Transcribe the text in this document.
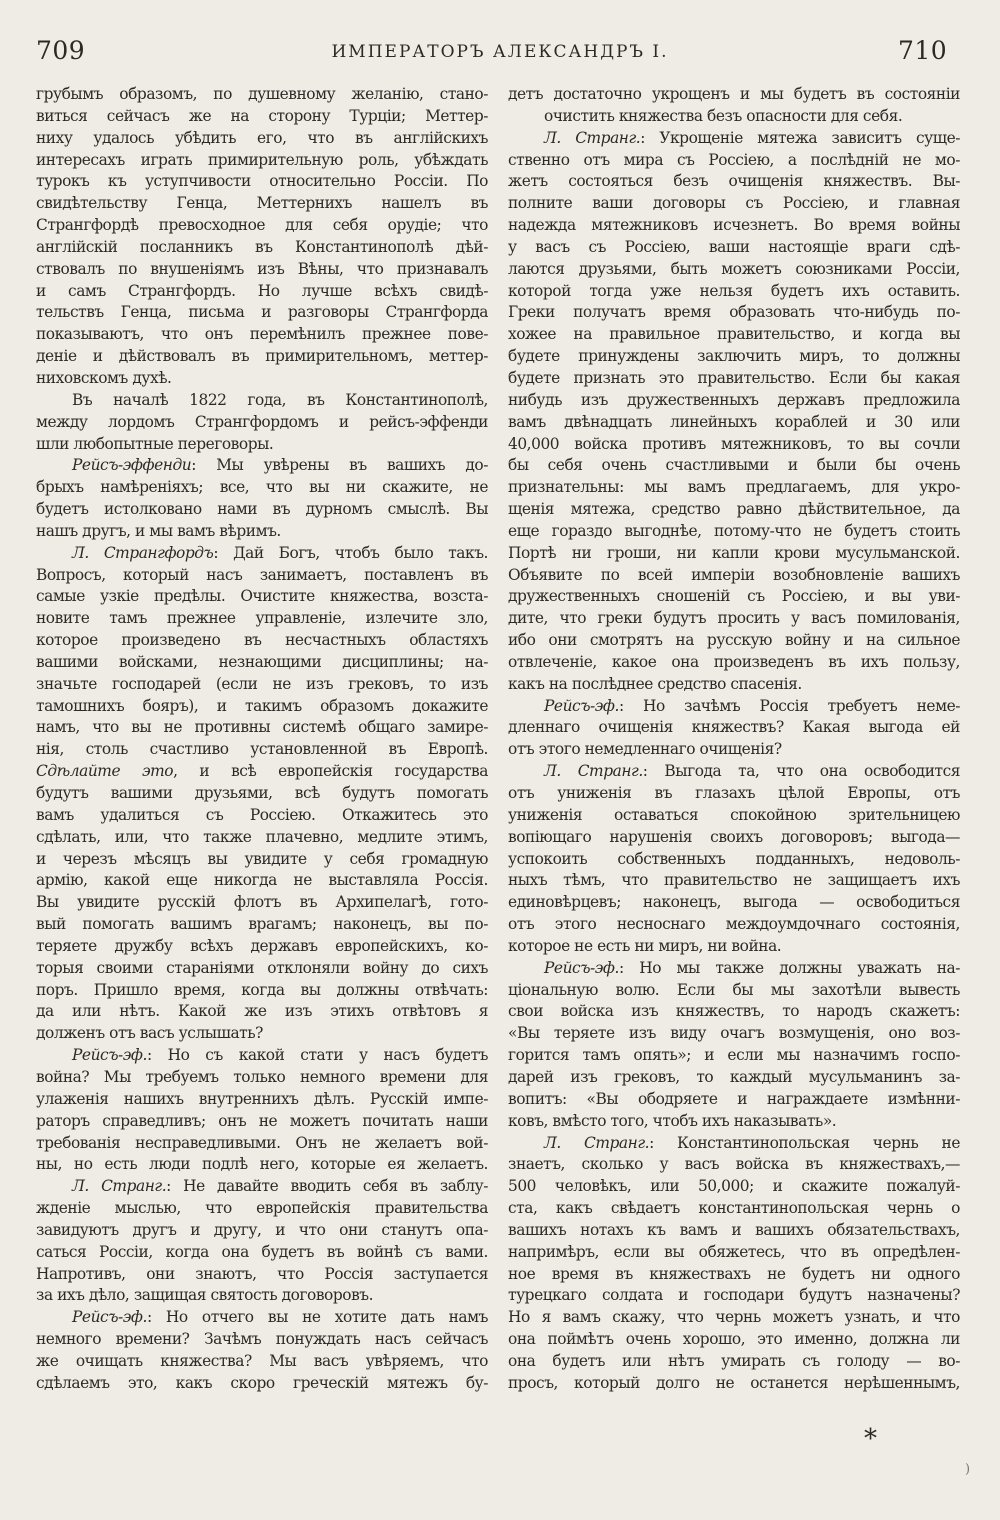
709	ИМПЕРАТОРЪ АЛЕКСАНДРЪ I.	710
грубымъ образомъ, по душевному желанію, стано-
виться сейчасъ же на сторону Турціи; Меттер-
ниху удалось убѣдить его, что въ англійскихъ
интересахъ играть примирительную роль, убѣждать
турокъ къ уступчивости относительно Россіи. По
свидѣтельству Генца, Меттернихъ нашелъ въ
Странгфордѣ превосходное для себя орудіе; что
англійскій посланникъ въ Константинополѣ дѣй-
ствовалъ по внушеніямъ изъ Вѣны, что признавалъ
и самъ Странгфордъ. Но лучше всѣхъ свидѣ-
тельствъ Генца, письма и разговоры Странгфорда
показываютъ, что онъ перемѣнилъ прежнее пове-
деніе и дѣйствовалъ въ примирительномъ, меттер-
нихoвскомъ духѣ.
Въ началѣ 1822 года, въ Константинополѣ,
между лордомъ Странгфордомъ и рейсъ-эффенди
шли любопытные переговоры.
Рейсъ-эффенди: Мы увѣрены въ вашихъ до-
брыхъ намѣреніяхъ; все, что вы ни скажите, не
будетъ истолковано нами въ дурномъ смыслѣ. Вы
нашъ другъ, и мы вамъ вѣримъ.
Л. Странгфордъ: Дай Богъ, чтобъ было такъ.
Вопросъ, который насъ занимаетъ, поставленъ въ
самые узкіе предѣлы. Очистите княжества, возста-
новите тамъ прежнее управленіе, излечите зло,
которое произведено въ несчастныхъ областяхъ
вашими войсками, незнающими дисциплины; на-
значьте господарей (если не изъ грековъ, то изъ
тамошнихъ бояръ), и такимъ образомъ докажите
намъ, что вы не противны системѣ общаго замире-
нія, столь счастливо установленной въ Европѣ.
Сдѣлайте это, и всѣ европейскія государства
будутъ вашими друзьями, всѣ будутъ помогать
вамъ удалиться съ Россіею. Откажитесь это
сдѣлать, или, что также плачевно, медлите этимъ,
и черезъ мѣсяцъ вы увидите у себя громадную
армію, какой еще никогда не выставляла Россія.
Вы увидите русскій флотъ въ Архипелагѣ, гото-
вый помогать вашимъ врагамъ; наконецъ, вы по-
теряете дружбу всѣхъ державъ европейскихъ, ко-
торыя своими стараніями отклоняли войну до сихъ
поръ. Пришло время, когда вы должны отвѣчать:
да или нѣтъ. Какой же изъ этихъ отвѣтовъ я
долженъ отъ васъ услышать?
Рейсъ-эф.: Но съ какой стати у насъ будетъ
война? Мы требуемъ только немного времени для
улаженія нашихъ внутреннихъ дѣлъ. Русскій импе-
раторъ справедливъ; онъ не можетъ почитать наши
требованія несправедливыми. Онъ не желаетъ вой-
ны, но есть люди подлѣ него, которые ея желаетъ.
Л. Странг.: Не давайте вводить себя въ заблу-
жденіе мыслью, что европейскія правительства
завидуютъ другъ и другу, и что они станутъ опа-
саться Россіи, когда она будетъ въ войнѣ съ вами.
Напротивъ, они знаютъ, что Россія заступается
за ихъ дѣло, защищая святость договоровъ.
Рейсъ-эф.: Но отчего вы не хотите дать намъ
немного времени? Зачѣмъ понуждать насъ сейчасъ
же очищать княжества? Мы васъ увѣряемъ, что
сдѣлаемъ это, какъ скоро греческій мятежъ бу-
детъ достаточно укрощенъ и мы будетъ въ состояніи
очистить княжества безъ опасности для себя.
Л. Странг.: Укрощеніе мятежа зависитъ суще-
ственно отъ мира съ Россіею, а послѣдній не мо-
жетъ состояться безъ очищенія княжествъ. Вы-
полните ваши договоры съ Россіею, и главная
надежда мятежниковъ исчезнетъ. Во время войны
у васъ съ Россіею, ваши настоящіе враги сдѣ-
лаются друзьями, быть можетъ союзниками Россіи,
которой тогда уже нельзя будетъ ихъ оставить.
Греки получатъ время образовать что-нибудь по-
хожее на правильное правительство, и когда вы
будете принуждены заключить миръ, то должны
будете признать это правительство. Если бы какая
нибудь изъ дружественныхъ державъ предложила
вамъ двѣнадцать линейныхъ кораблей и 30 или
40,000 войска противъ мятежниковъ, то вы сочли
бы себя очень счастливыми и были бы очень
признательны: мы вамъ предлагаемъ, для укро-
щенія мятежа, средство равно дѣйствительное, да
еще гораздо выгоднѣе, потому-что не будетъ стоить
Портѣ ни гроши, ни капли крови мусульманской.
Объявите по всей имперіи возобновленіе вашихъ
дружественныхъ сношеній съ Россіею, и вы уви-
дите, что греки будутъ просить у васъ помилованія,
ибо они смотрятъ на русскую войну и на сильное
отвлеченіе, какое она произведенъ въ ихъ пользу,
какъ на послѣднее средство спасенія.
Рейсъ-эф.: Но зачѣмъ Россія требуетъ неме-
дленнаго очищенія княжествъ? Какая выгода ей
отъ этого немедленнаго очищенія?
Л. Странг.: Выгода та, что она освободится
отъ униженія въ глазахъ цѣлой Европы, отъ
униженія оставаться спокойною зрительницею
вопіющаго нарушенія своихъ договоровъ; выгода—
успокоить собственныхъ подданныхъ, недоволь-
ныхъ тѣмъ, что правительство не защищаетъ ихъ
единовѣрцевъ; наконецъ, выгода — освободиться
отъ этого несноснаго междоумдочнаго состоянія,
которое не есть ни миръ, ни война.
Рейсъ-эф.: Но мы также должны уважать на-
ціональную волю. Если бы мы захотѣли вывесть
свои войска изъ княжествъ, то народъ скажетъ:
«Вы теряете изъ виду очагъ возмущенія, оно воз-
горится тамъ опять»; и если мы назначимъ госпо-
дарей изъ грековъ, то каждый мусульманинъ за-
вопитъ: «Вы ободряете и награждаете измѣнни-
ковъ, вмѣсто того, чтобъ ихъ наказывать».
Л. Странг.: Константинопольская чернь не
знаетъ, сколько у васъ войска въ княжествахъ,—
500 человѣкъ, или 50,000; и скажите пожалуй-
ста, какъ свѣдаетъ константинопольская чернь о
вашихъ нотахъ къ вамъ и вашихъ обязательствахъ,
напримѣръ, если вы обяжетесь, что въ опредѣлен-
ное время въ княжествахъ не будетъ ни одного
турецкаго солдата и господари будутъ назначены?
Но я вамъ скажу, что чернь можетъ узнать, и что
она поймѣтъ очень хорошо, это именно, должна ли
она будетъ или нѣтъ умирать съ голоду — во-
просъ, который долго не останется нерѣшеннымъ,
*
)
